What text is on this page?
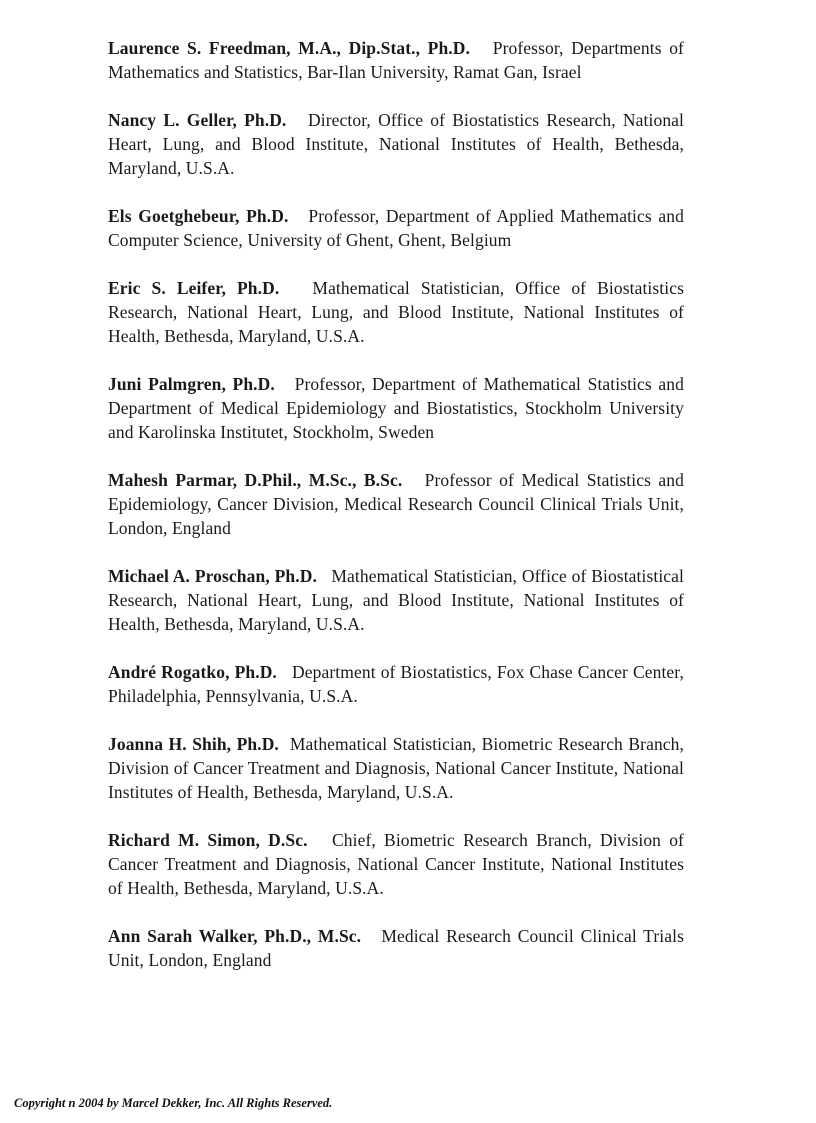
Laurence S. Freedman, M.A., Dip.Stat., Ph.D. Professor, Departments of Mathematics and Statistics, Bar-Ilan University, Ramat Gan, Israel

Nancy L. Geller, Ph.D. Director, Office of Biostatistics Research, National Heart, Lung, and Blood Institute, National Institutes of Health, Bethesda, Maryland, U.S.A.

Els Goetghebeur, Ph.D. Professor, Department of Applied Mathematics and Computer Science, University of Ghent, Ghent, Belgium

Eric S. Leifer, Ph.D. Mathematical Statistician, Office of Biostatistics Research, National Heart, Lung, and Blood Institute, National Institutes of Health, Bethesda, Maryland, U.S.A.

Juni Palmgren, Ph.D. Professor, Department of Mathematical Statistics and Department of Medical Epidemiology and Biostatistics, Stockholm University and Karolinska Institutet, Stockholm, Sweden

Mahesh Parmar, D.Phil., M.Sc., B.Sc. Professor of Medical Statistics and Epidemiology, Cancer Division, Medical Research Council Clinical Trials Unit, London, England

Michael A. Proschan, Ph.D. Mathematical Statistician, Office of Biostatistical Research, National Heart, Lung, and Blood Institute, National Institutes of Health, Bethesda, Maryland, U.S.A.

André Rogatko, Ph.D. Department of Biostatistics, Fox Chase Cancer Center, Philadelphia, Pennsylvania, U.S.A.

Joanna H. Shih, Ph.D. Mathematical Statistician, Biometric Research Branch, Division of Cancer Treatment and Diagnosis, National Cancer Institute, National Institutes of Health, Bethesda, Maryland, U.S.A.

Richard M. Simon, D.Sc. Chief, Biometric Research Branch, Division of Cancer Treatment and Diagnosis, National Cancer Institute, National Institutes of Health, Bethesda, Maryland, U.S.A.

Ann Sarah Walker, Ph.D., M.Sc. Medical Research Council Clinical Trials Unit, London, England

Copyright n 2004 by Marcel Dekker, Inc. All Rights Reserved.
